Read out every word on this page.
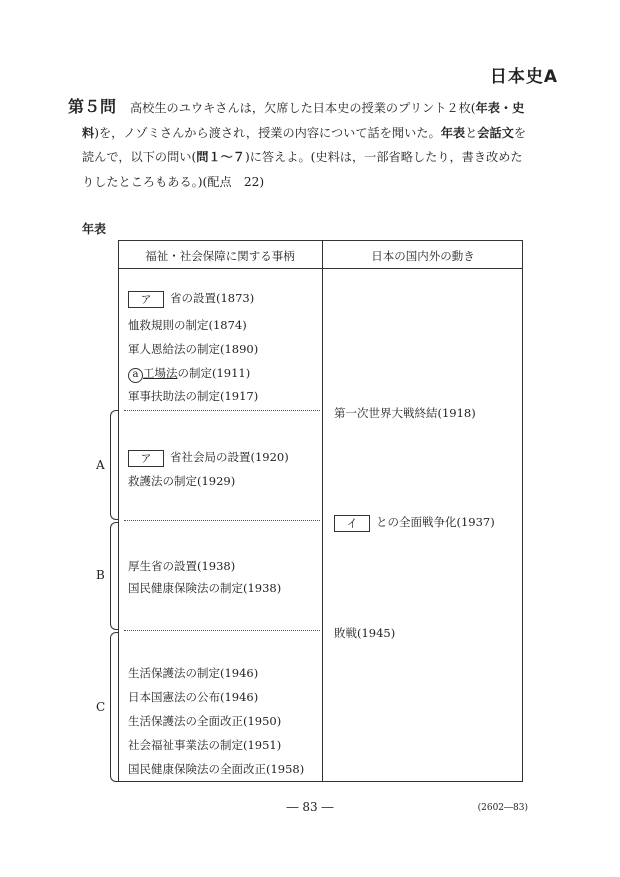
日本史A
第５問 高校生のユウキさんは，欠席した日本史の授業のプリント２枚(年表・史
料)を，ノゾミさんから渡され，授業の内容について話を聞いた。年表と会話文を
読んで，以下の問い(問１～７)に答えよ。(史料は，一部省略したり，書き改めた
りしたところもある。)(配点　22)
年表
福祉・社会保障に関する事柄	日本の国内外の動き
ア 省の設置(1873)
恤救規則の制定(1874)
軍人恩給法の制定(1890)
a 工場法の制定(1911)
軍事扶助法の制定(1917)
ア 省社会局の設置(1920)
救護法の制定(1929)
厚生省の設置(1938)
国民健康保険法の制定(1938)
生活保護法の制定(1946)
日本国憲法の公布(1946)
生活保護法の全面改正(1950)
社会福祉事業法の制定(1951)
国民健康保険法の全面改正(1958)
第一次世界大戦終結(1918)
イ との全面戦争化(1937)
敗戦(1945)
A
B
C
― 83 ―	(2602―83)
